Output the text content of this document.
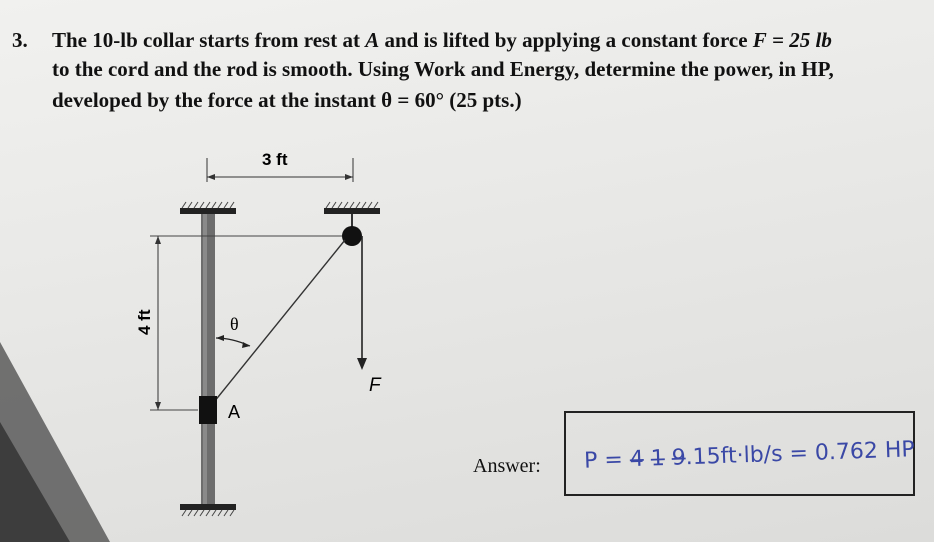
3. The 10-lb collar starts from rest at A and is lifted by applying a constant force F = 25 lb
to the cord and the rod is smooth. Using Work and Energy, determine the power, in HP,
developed by the force at the instant θ = 60° (25 pts.)
3 ft
4 ft
F
θ
A
Answer: P = 4̶ 1̶ 9̶.15ft·lb/s = 0.762 HP
